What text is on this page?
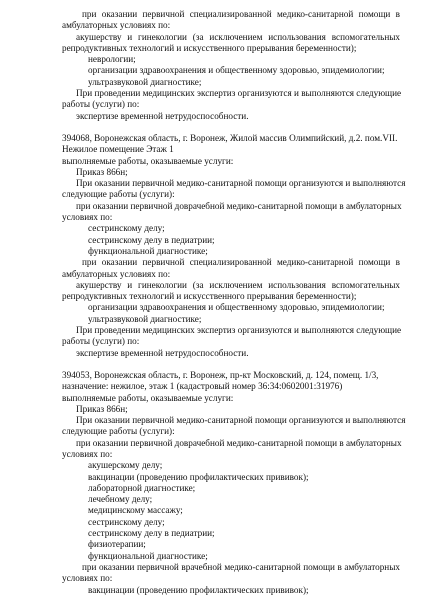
при оказании первичной специализированной медико-санитарной помощи в
амбулаторных условиях по:
акушерству и гинекологии (за исключением использования вспомогательных
репродуктивных технологий и искусственного прерывания беременности);
неврологии;
организации здравоохранения и общественному здоровью, эпидемиологии;
ультразвуковой диагностике;
При проведении медицинских экспертиз организуются и выполняются следующие
работы (услуги) по:
экспертизе временной нетрудоспособности.
394068, Воронежская область, г. Воронеж, Жилой массив Олимпийский, д.2. пом.VII.
Нежилое помещение Этаж 1
выполняемые работы, оказываемые услуги:
Приказ 866н;
При оказании первичной медико-санитарной помощи организуются и выполняются
следующие работы (услуги):
при оказании первичной доврачебной медико-санитарной помощи в амбулаторных
условиях по:
сестринскому делу;
сестринскому делу в педиатрии;
функциональной диагностике;
при оказании первичной специализированной медико-санитарной помощи в
амбулаторных условиях по:
акушерству и гинекологии (за исключением использования вспомогательных
репродуктивных технологий и искусственного прерывания беременности);
организации здравоохранения и общественному здоровью, эпидемиологии;
ультразвуковой диагностике;
При проведении медицинских экспертиз организуются и выполняются следующие
работы (услуги) по:
экспертизе временной нетрудоспособности.
394053, Воронежская область, г. Воронеж, пр-кт Московский, д. 124, помещ. 1/3,
назначение: нежилое, этаж 1 (кадастровый номер 36:34:0602001:31976)
выполняемые работы, оказываемые услуги:
Приказ 866н;
При оказании первичной медико-санитарной помощи организуются и выполняются
следующие работы (услуги):
при оказании первичной доврачебной медико-санитарной помощи в амбулаторных
условиях по:
акушерскому делу;
вакцинации (проведению профилактических прививок);
лабораторной диагностике;
лечебному делу;
медицинскому массажу;
сестринскому делу;
сестринскому делу в педиатрии;
физиотерапии;
функциональной диагностике;
при оказании первичной врачебной медико-санитарной помощи в амбулаторных
условиях по:
вакцинации (проведению профилактических прививок);
